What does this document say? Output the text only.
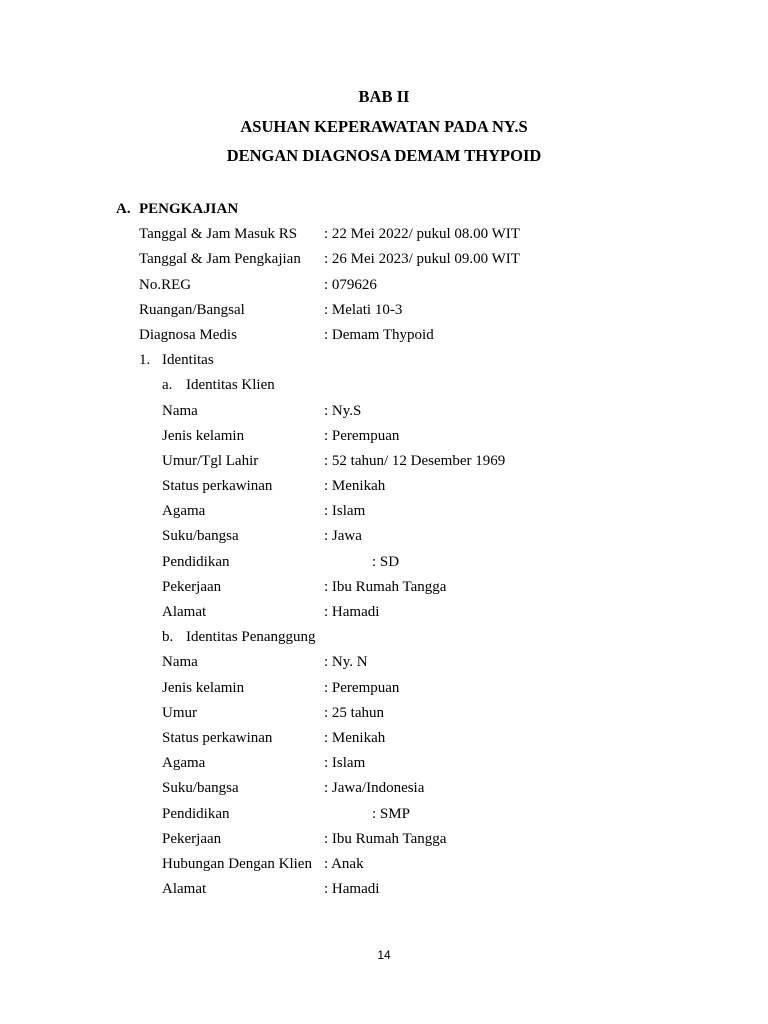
BAB II
ASUHAN KEPERAWATAN PADA NY.S
DENGAN DIAGNOSA DEMAM THYPOID
A. PENGKAJIAN
Tanggal & Jam Masuk RS : 22 Mei 2022/ pukul 08.00 WIT
Tanggal & Jam Pengkajian : 26 Mei 2023/ pukul 09.00 WIT
No.REG	: 079626
Ruangan/Bangsal	: Melati 10-3
Diagnosa Medis	: Demam Thypoid
1. Identitas
a. Identitas Klien
Nama	: Ny.S
Jenis kelamin	: Perempuan
Umur/Tgl Lahir	: 52 tahun/ 12 Desember 1969
Status perkawinan	: Menikah
Agama	: Islam
Suku/bangsa	: Jawa
Pendidikan	: SD
Pekerjaan	: Ibu Rumah Tangga
Alamat	: Hamadi
b. Identitas Penanggung
Nama	: Ny. N
Jenis kelamin	: Perempuan
Umur	: 25 tahun
Status perkawinan	: Menikah
Agama	: Islam
Suku/bangsa	: Jawa/Indonesia
Pendidikan	: SMP
Pekerjaan	: Ibu Rumah Tangga
Hubungan Dengan Klien : Anak
Alamat	: Hamadi
14
